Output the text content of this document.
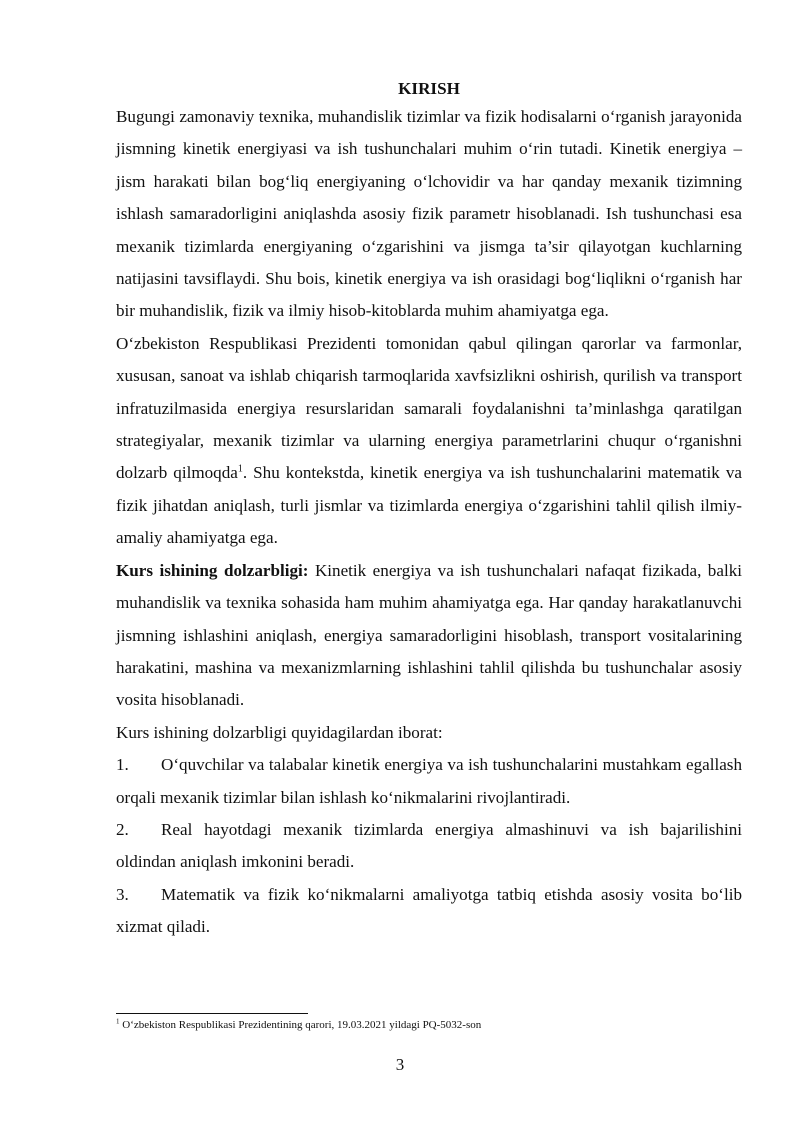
KIRISH

Bugungi zamonaviy texnika, muhandislik tizimlar va fizik hodisalarni o‘rganish jarayonida jismning kinetik energiyasi va ish tushunchalari muhim o‘rin tutadi. Kinetik energiya – jism harakati bilan bog‘liq energiyaning o‘lchovidir va har qanday mexanik tizimning ishlash samaradorligini aniqlashda asosiy fizik parametr hisoblanadi. Ish tushunchasi esa mexanik tizimlarda energiyaning o‘zgarishini va jismga ta’sir qilayotgan kuchlarning natijasini tavsiflaydi. Shu bois, kinetik energiya va ish orasidagi bog‘liqlikni o‘rganish har bir muhandislik, fizik va ilmiy hisob-kitoblarda muhim ahamiyatga ega.

O‘zbekiston Respublikasi Prezidenti tomonidan qabul qilingan qarorlar va farmonlar, xususan, sanoat va ishlab chiqarish tarmoqlarida xavfsizlikni oshirish, qurilish va transport infratuzilmasida energiya resurslaridan samarali foydalanishni ta’minlashga qaratilgan strategiyalar, mexanik tizimlar va ularning energiya parametrlarini chuqur o‘rganishni dolzarb qilmoqda$^1$. Shu kontekstda, kinetik energiya va ish tushunchalarini matematik va fizik jihatdan aniqlash, turli jismlar va tizimlarda energiya o‘zgarishini tahlil qilish ilmiy-amaliy ahamiyatga ega.

Kurs ishining dolzarbligi: Kinetik energiya va ish tushunchalari nafaqat fizikada, balki muhandislik va texnika sohasida ham muhim ahamiyatga ega. Har qanday harakatlanuvchi jismning ishlashini aniqlash, energiya samaradorligini hisoblash, transport vositalarining harakatini, mashina va mexanizmlarning ishlashini tahlil qilishda bu tushunchalar asosiy vosita hisoblanadi.

Kurs ishining dolzarbligi quyidagilardan iborat:

1. O‘quvchilar va talabalar kinetik energiya va ish tushunchalarini mustahkam egallash orqali mexanik tizimlar bilan ishlash ko‘nikmalarini rivojlantiradi.

2. Real hayotdagi mexanik tizimlarda energiya almashinuvi va ish bajarilishini oldindan aniqlash imkonini beradi.

3. Matematik va fizik ko‘nikmalarni amaliyotga tatbiq etishda asosiy vosita bo‘lib xizmat qiladi.

$^1$ O‘zbekiston Respublikasi Prezidentining qarori, 19.03.2021 yildagi PQ-5032-son
3
